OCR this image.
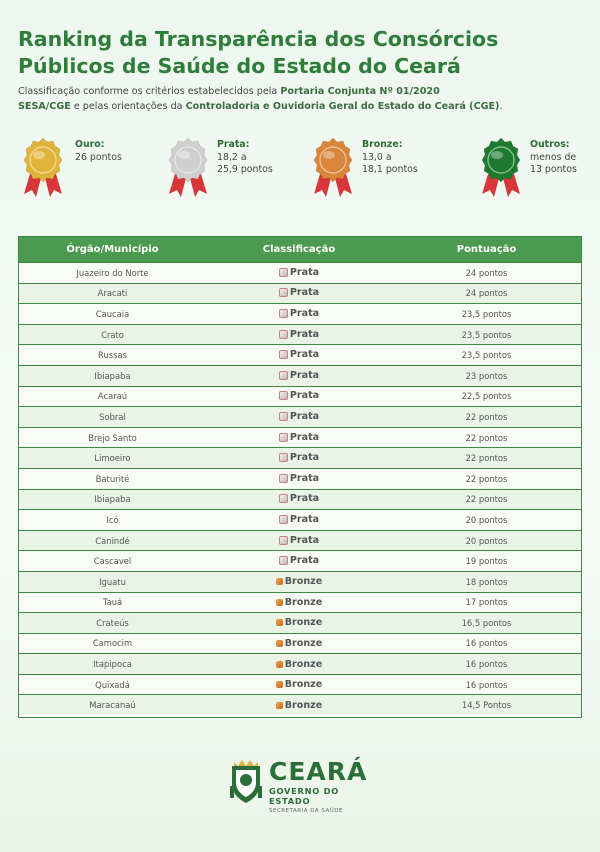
Ranking da Transparência dos Consórcios
Públicos de Saúde do Estado do Ceará

Classificação conforme os critérios estabelecidos pela Portaria Conjunta Nº 01/2020
SESA/CGE e pelas orientações da Controladoria e Ouvidoria Geral do Estado do Ceará (CGE).

Ouro:
26 pontos
Prata:
18,2 a
25,9 pontos
Bronze:
13,0 a
18,1 pontos
Outros:
menos de
13 pontos
Órgão/Município	Classificação	Pontuação
Juazeiro do Norte	Prata	24 pontos
Aracati	Prata	24 pontos
Caucaia	Prata	23,5 pontos
Crato	Prata	23,5 pontos
Russas	Prata	23,5 pontos
Ibiapaba	Prata	23 pontos
Acaraú	Prata	22,5 pontos
Sobral	Prata	22 pontos
Brejo Santo	Prata	22 pontos
Limoeiro	Prata	22 pontos
Baturité	Prata	22 pontos
Ibiapaba	Prata	22 pontos
Icó	Prata	20 pontos
Canindé	Prata	20 pontos
Cascavel	Prata	19 pontos
Iguatu	Bronze	18 pontos
Tauá	Bronze	17 pontos
Crateús	Bronze	16,5 pontos
Camocim	Bronze	16 pontos
Itapipoca	Bronze	16 pontos
Quixadá	Bronze	16 pontos
Maracanaú	Bronze	14,5 Pontos
CEARÁ
GOVERNO DO ESTADO
SECRETARIA DA SAÚDE
